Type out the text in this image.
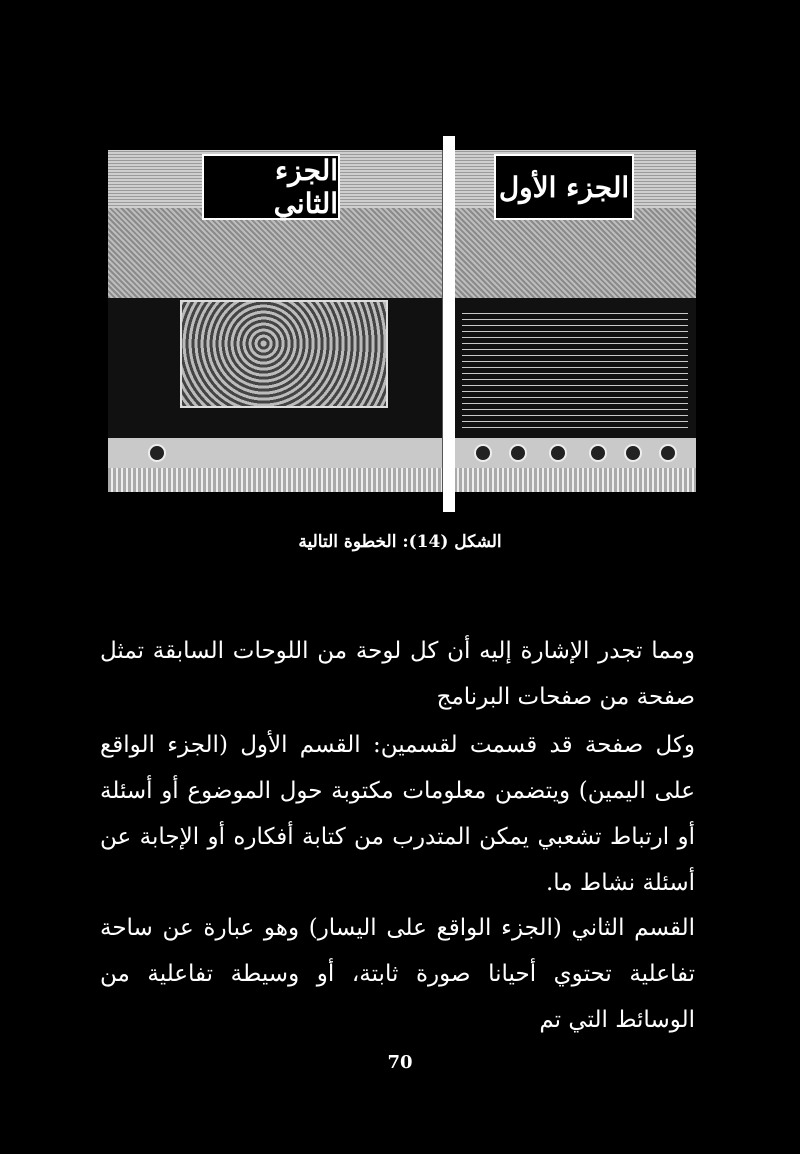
الجزء الثاني	الجزء الأول
الشكل (14): الخطوة التالية
ومما تجدر الإشارة إليه أن كل لوحة من اللوحات السابقة تمثل صفحة من صفحات البرنامج
وكل صفحة قد قسمت لقسمين: القسم الأول (الجزء الواقع على اليمين) ويتضمن معلومات مكتوبة حول الموضوع أو أسئلة أو ارتباط تشعبي يمكن المتدرب من كتابة أفكاره أو الإجابة عن أسئلة نشاط ما.
القسم الثاني (الجزء الواقع على اليسار) وهو عبارة عن ساحة تفاعلية تحتوي أحيانا صورة ثابتة، أو وسيطة تفاعلية من الوسائط التي تم
70
